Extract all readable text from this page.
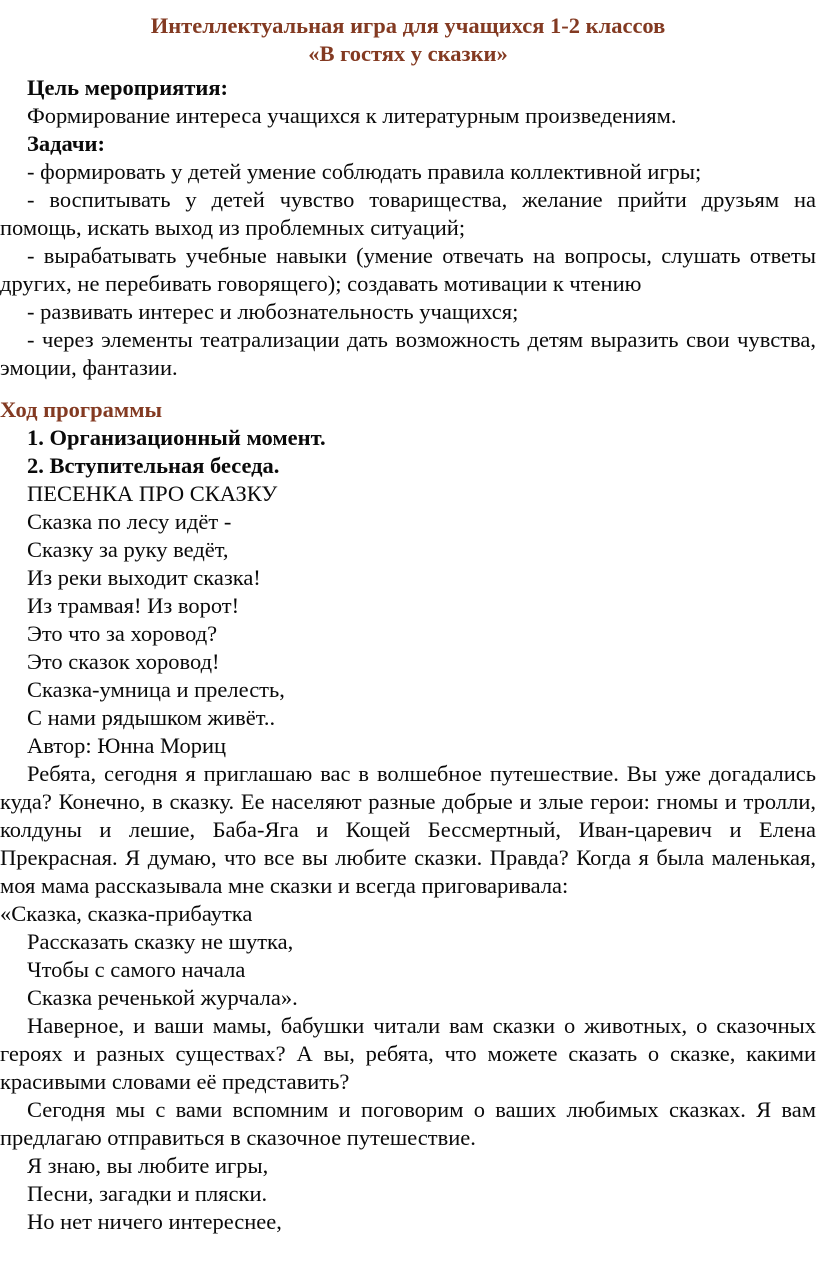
Интеллектуальная игра для учащихся 1-2 классов

«В гостях у сказки»

Цель мероприятия:

Формирование интереса учащихся к литературным произведениям.

Задачи:

- формировать у детей умение соблюдать правила коллективной игры;

- воспитывать у детей чувство товарищества, желание прийти друзьям на помощь, искать выход из проблемных ситуаций;

- вырабатывать учебные навыки (умение отвечать на вопросы, слушать ответы других, не перебивать говорящего); создавать мотивации к чтению

- развивать интерес и любознательность учащихся;

- через элементы театрализации дать возможность детям выразить свои чувства, эмоции, фантазии.

Ход программы

1. Организационный момент.

2. Вступительная беседа.

ПЕСЕНКА ПРО СКАЗКУ

Сказка по лесу идёт -

Сказку за руку ведёт,

Из реки выходит сказка!

Из трамвая! Из ворот!

Это что за хоровод?

Это сказок хоровод!

Сказка-умница и прелесть,

С нами рядышком живёт..

Автор: Юнна Мориц

Ребята, сегодня я приглашаю вас в волшебное путешествие. Вы уже догадались куда? Конечно, в сказку. Ее населяют разные добрые и злые герои: гномы и тролли, колдуны и лешие, Баба-Яга и Кощей Бессмертный, Иван-царевич и Елена Прекрасная. Я думаю, что все вы любите сказки. Правда? Когда я была маленькая, моя мама рассказывала мне сказки и всегда приговаривала:

«Сказка, сказка-прибаутка

Рассказать сказку не шутка,

Чтобы с самого начала

Сказка реченькой журчала».

Наверное, и ваши мамы, бабушки читали вам сказки о животных, о сказочных героях и разных существах? А вы, ребята, что можете сказать о сказке, какими красивыми словами её представить?

Сегодня мы с вами вспомним и поговорим о ваших любимых сказках. Я вам предлагаю отправиться в сказочное путешествие.

Я знаю, вы любите игры,

Песни, загадки и пляски.

Но нет ничего интереснее,
